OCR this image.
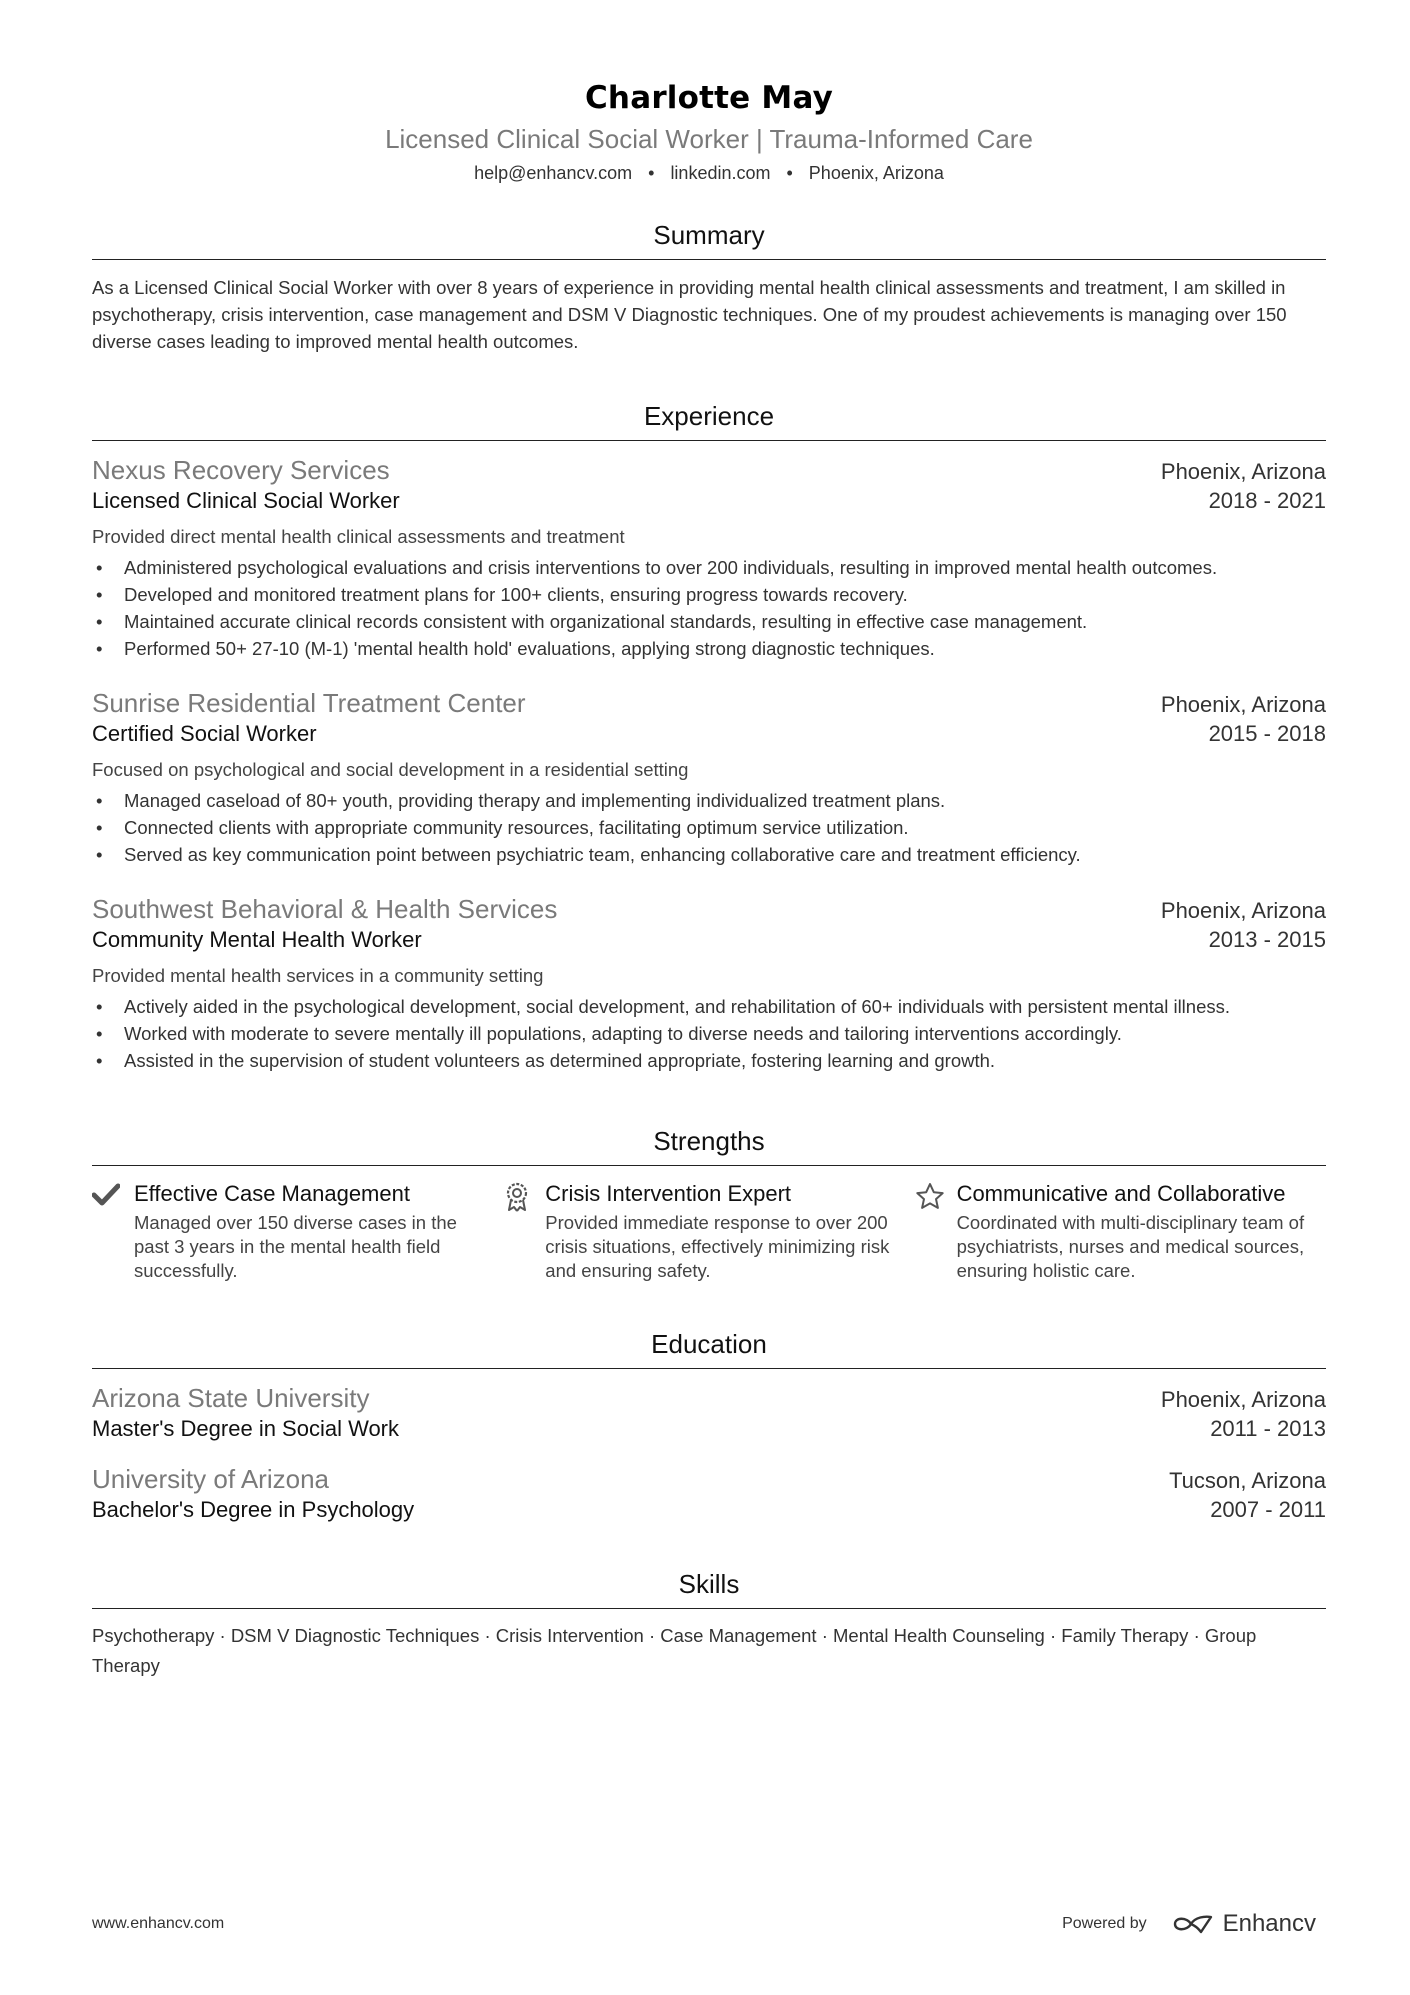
Charlotte May
Licensed Clinical Social Worker | Trauma-Informed Care
help@enhancv.com • linkedin.com • Phoenix, Arizona
Summary

As a Licensed Clinical Social Worker with over 8 years of experience in providing mental health clinical assessments and treatment, I am skilled in psychotherapy, crisis intervention, case management and DSM V Diagnostic techniques. One of my proudest achievements is managing over 150 diverse cases leading to improved mental health outcomes.

Experience
Nexus Recovery Services	Phoenix, Arizona
Licensed Clinical Social Worker	2018 - 2021
Provided direct mental health clinical assessments and treatment
• Administered psychological evaluations and crisis interventions to over 200 individuals, resulting in improved mental health outcomes.
• Developed and monitored treatment plans for 100+ clients, ensuring progress towards recovery.
• Maintained accurate clinical records consistent with organizational standards, resulting in effective case management.
• Performed 50+ 27-10 (M-1) 'mental health hold' evaluations, applying strong diagnostic techniques.
Sunrise Residential Treatment Center	Phoenix, Arizona
Certified Social Worker	2015 - 2018
Focused on psychological and social development in a residential setting
• Managed caseload of 80+ youth, providing therapy and implementing individualized treatment plans.
• Connected clients with appropriate community resources, facilitating optimum service utilization.
• Served as key communication point between psychiatric team, enhancing collaborative care and treatment efficiency.
Southwest Behavioral & Health Services	Phoenix, Arizona
Community Mental Health Worker	2013 - 2015
Provided mental health services in a community setting
• Actively aided in the psychological development, social development, and rehabilitation of 60+ individuals with persistent mental illness.
• Worked with moderate to severe mentally ill populations, adapting to diverse needs and tailoring interventions accordingly.
• Assisted in the supervision of student volunteers as determined appropriate, fostering learning and growth.
Strengths
Effective Case Management
Managed over 150 diverse cases in the past 3 years in the mental health field successfully.
Crisis Intervention Expert
Provided immediate response to over 200 crisis situations, effectively minimizing risk and ensuring safety.
Communicative and Collaborative
Coordinated with multi-disciplinary team of psychiatrists, nurses and medical sources, ensuring holistic care.
Education
Arizona State University	Phoenix, Arizona
Master's Degree in Social Work	2011 - 2013
University of Arizona	Tucson, Arizona
Bachelor's Degree in Psychology	2007 - 2011
Skills

Psychotherapy · DSM V Diagnostic Techniques · Crisis Intervention · Case Management · Mental Health Counseling · Family Therapy · Group Therapy

www.enhancv.com	Powered by	Enhancv
